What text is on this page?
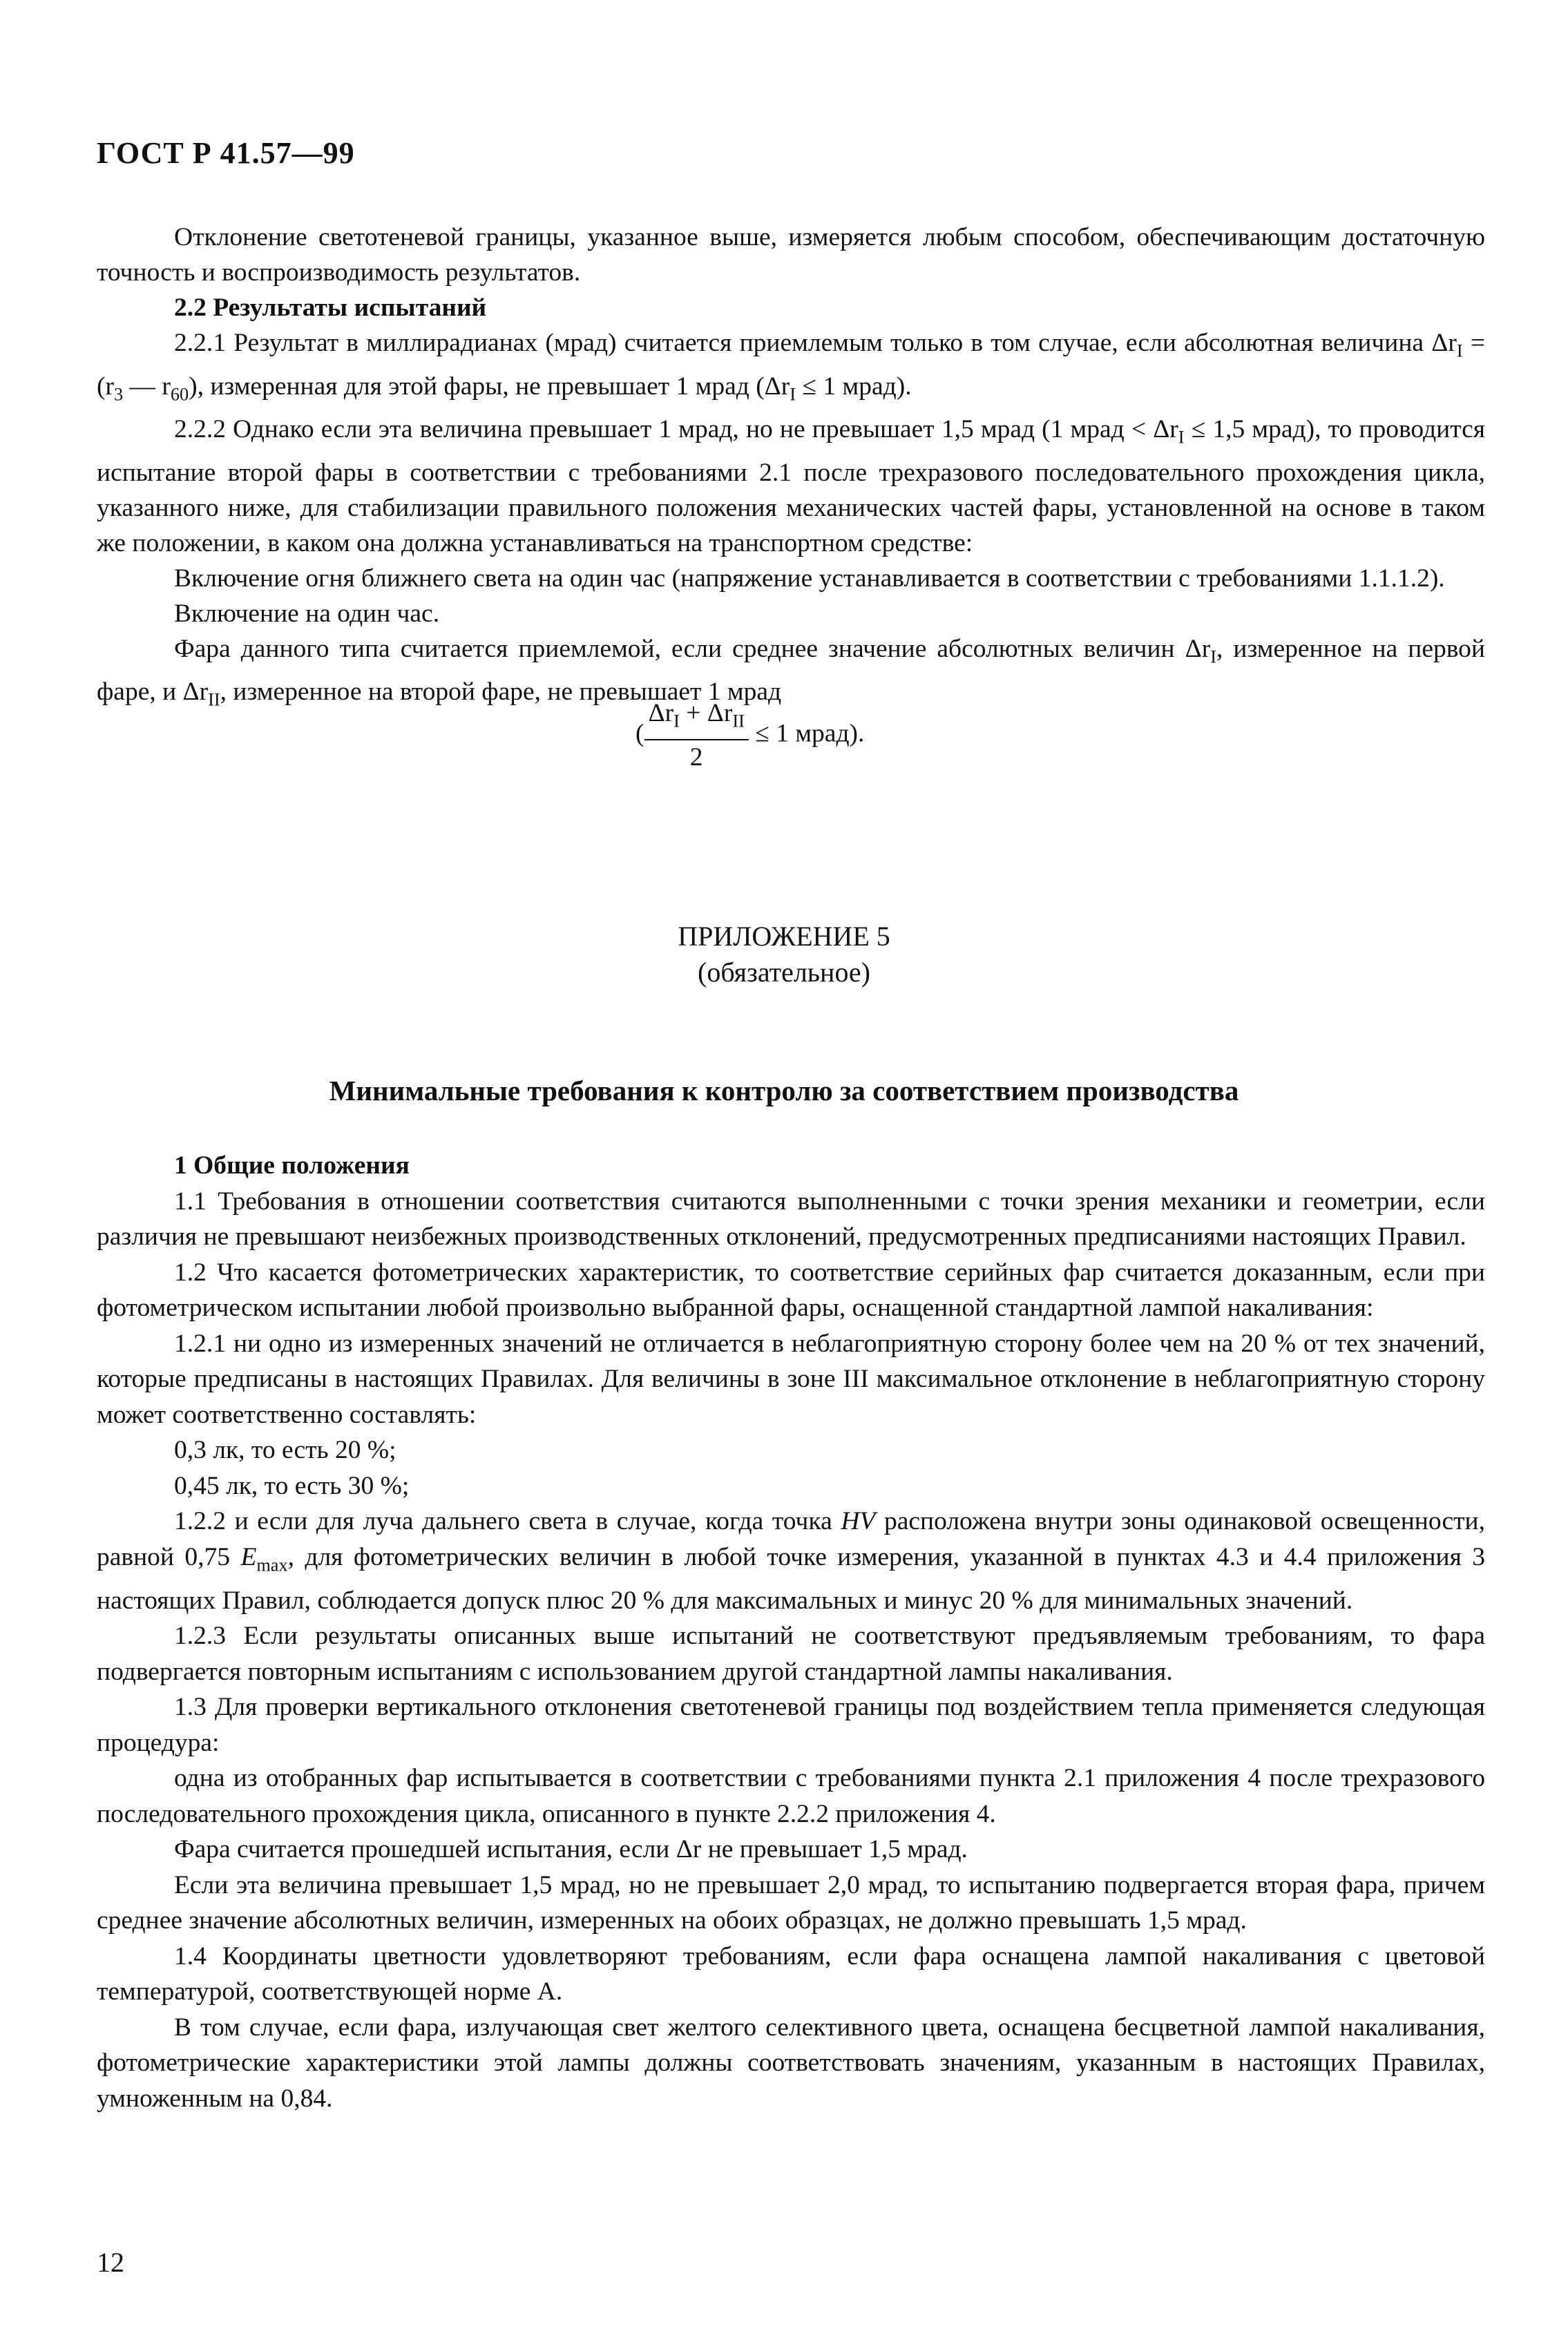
ГОСТ Р 41.57—99

Отклонение светотеневой границы, указанное выше, измеряется любым способом, обеспечивающим достаточную точность и воспроизводимость результатов.

2.2 Результаты испытаний

2.2.1 Результат в миллирадианах (мрад) считается приемлемым только в том случае, если абсолютная величина $\Delta r_I = (r_3$ — $r_{60}$), измеренная для этой фары, не превышает 1 мрад ($\Delta r_I \le 1$ мрад).

2.2.2 Однако если эта величина превышает 1 мрад, но не превышает 1,5 мрад (1 мрад < $\Delta r_I \le 1,5$ мрад), то проводится испытание второй фары в соответствии с требованиями 2.1 после трехразового последовательного прохождения цикла, указанного ниже, для стабилизации правильного положения механических частей фары, установленной на основе в таком же положении, в каком она должна устанавливаться на транспортном средстве:

Включение огня ближнего света на один час (напряжение устанавливается в соответствии с требованиями 1.1.1.2).

Включение на один час.

Фара данного типа считается приемлемой, если среднее значение абсолютных величин $\Delta r_I$, измеренное на первой фаре, и $\Delta r_{II}$, измеренное на второй фаре, не превышает 1 мрад

( $\frac{\Delta r_I + \Delta r_{II}}{2} \le 1$ мрад).
ПРИЛОЖЕНИЕ 5
(обязательное)
Минимальные требования к контролю за соответствием производства
1 Общие положения

1.1 Требования в отношении соответствия считаются выполненными с точки зрения механики и геометрии, если различия не превышают неизбежных производственных отклонений, предусмотренных предписаниями настоящих Правил.

1.2 Что касается фотометрических характеристик, то соответствие серийных фар считается доказанным, если при фотометрическом испытании любой произвольно выбранной фары, оснащенной стандартной лампой накаливания:

1.2.1 ни одно из измеренных значений не отличается в неблагоприятную сторону более чем на 20 % от тех значений, которые предписаны в настоящих Правилах. Для величины в зоне III максимальное отклонение в неблагоприятную сторону может соответственно составлять:

0,3 лк, то есть 20 %;

0,45 лк, то есть 30 %;

1.2.2 и если для луча дальнего света в случае, когда точка HV расположена внутри зоны одинаковой освещенности, равной 0,75 $E_{max}$, для фотометрических величин в любой точке измерения, указанной в пунктах 4.3 и 4.4 приложения 3 настоящих Правил, соблюдается допуск плюс 20 % для максимальных и минус 20 % для минимальных значений.

1.2.3 Если результаты описанных выше испытаний не соответствуют предъявляемым требованиям, то фара подвергается повторным испытаниям с использованием другой стандартной лампы накаливания.

1.3 Для проверки вертикального отклонения светотеневой границы под воздействием тепла применяется следующая процедура:

одна из отобранных фар испытывается в соответствии с требованиями пункта 2.1 приложения 4 после трехразового последовательного прохождения цикла, описанного в пункте 2.2.2 приложения 4.

Фара считается прошедшей испытания, если Δr не превышает 1,5 мрад.

Если эта величина превышает 1,5 мрад, но не превышает 2,0 мрад, то испытанию подвергается вторая фара, причем среднее значение абсолютных величин, измеренных на обоих образцах, не должно превышать 1,5 мрад.

1.4 Координаты цветности удовлетворяют требованиям, если фара оснащена лампой накаливания с цветовой температурой, соответствующей норме А.

В том случае, если фара, излучающая свет желтого селективного цвета, оснащена бесцветной лампой накаливания, фотометрические характеристики этой лампы должны соответствовать значениям, указанным в настоящих Правилах, умноженным на 0,84.

12
